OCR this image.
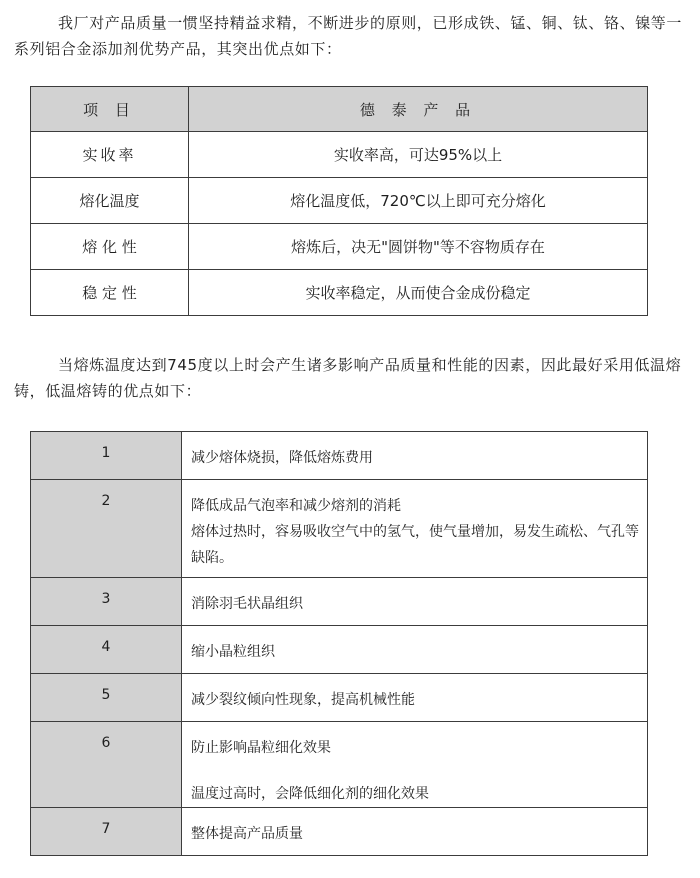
我厂对产品质量一惯坚持精益求精，不断进步的原则，已形成铁、锰、铜、钛、铬、镍等一系列铝合金添加剂优势产品，其突出优点如下：

项 目	德 泰 产 品
实收率	实收率高，可达95%以上
熔化温度	熔化温度低，720℃以上即可充分熔化
熔 化 性	熔炼后，决无"圆饼物"等不容物质存在
稳 定 性	实收率稳定，从而使合金成份稳定

当熔炼温度达到745度以上时会产生诸多影响产品质量和性能的因素，因此最好采用低温熔铸，低温熔铸的优点如下：

1	减少熔体烧损，降低熔炼费用

2	降低成品气泡率和减少熔剂的消耗
熔体过热时，容易吸收空气中的氢气，使气量增加，易发生疏松、气孔等缺陷。

3	消除羽毛状晶组织

4	缩小晶粒组织

5	减少裂纹倾向性现象，提高机械性能

6	防止影响晶粒细化效果
温度过高时，会降低细化剂的细化效果

7	整体提高产品质量
